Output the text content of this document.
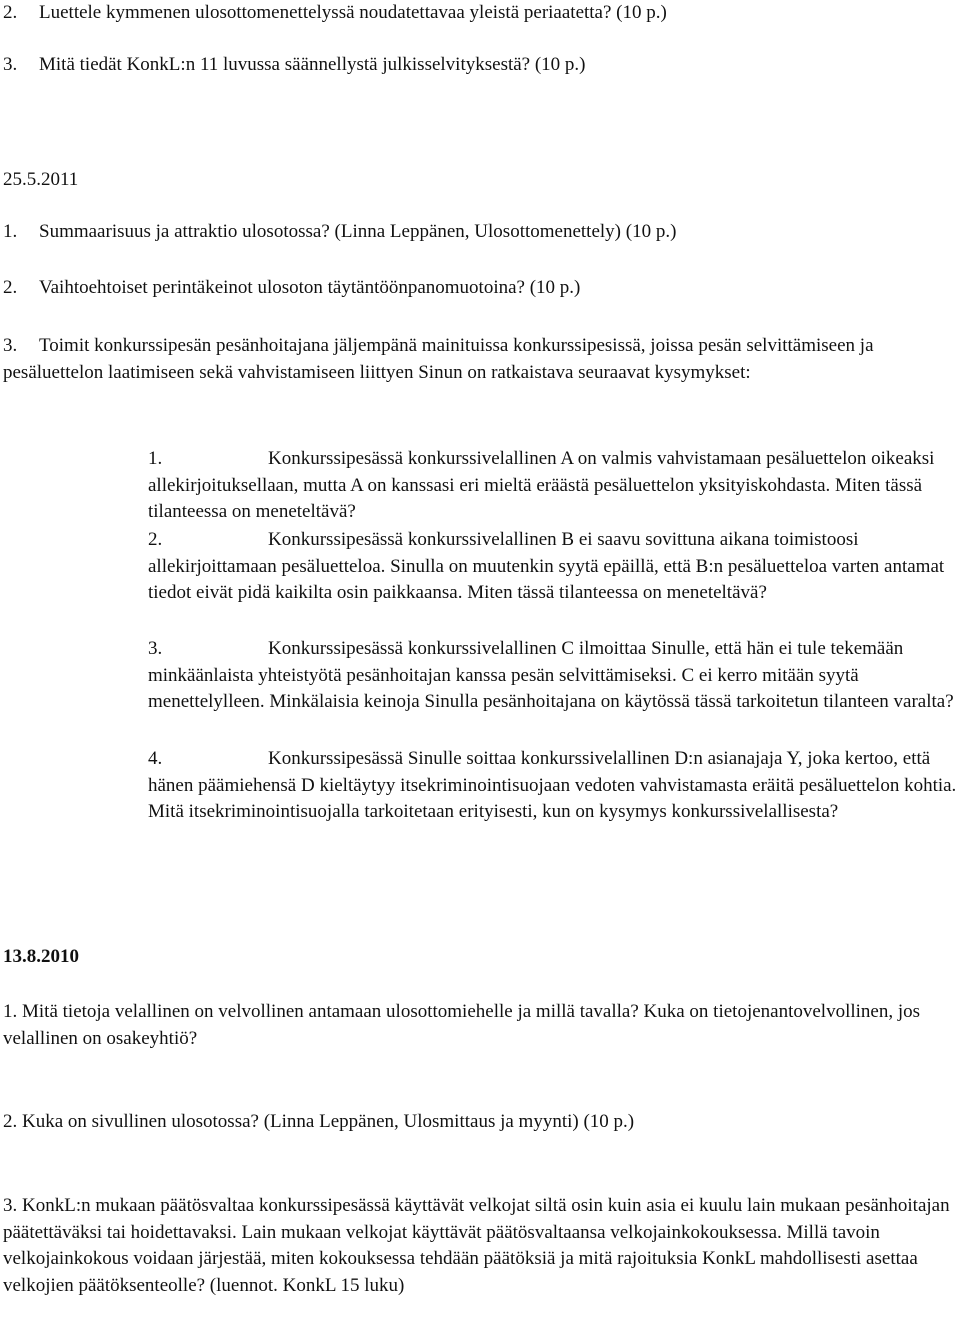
2. Luettele kymmenen ulosottomenettelyssä noudatettavaa yleistä periaatetta? (10 p.)
3. Mitä tiedät KonkL:n 11 luvussa säännellystä julkisselvityksestä? (10 p.)
25.5.2011
1. Summaarisuus ja attraktio ulosotossa? (Linna Leppänen, Ulosottomenettely) (10 p.)
2. Vaihtoehtoiset perintäkeinot ulosoton täytäntöönpanomuotoina? (10 p.)

3. Toimit konkurssipesän pesänhoitajana jäljempänä mainituissa konkurssipesissä, joissa pesän selvittämiseen ja pesäluettelon laatimiseen sekä vahvistamiseen liittyen Sinun on ratkaistava seuraavat kysymykset:

1.	Konkurssipesässä konkurssivelallinen A on valmis vahvistamaan pesäluettelon oikeaksi allekirjoituksellaan, mutta A on kanssasi eri mieltä eräästä pesäluettelon yksityiskohdasta. Miten tässä tilanteessa on meneteltävä?

2.	Konkurssipesässä konkurssivelallinen B ei saavu sovittuna aikana toimistoosi allekirjoittamaan pesäluetteloa. Sinulla on muutenkin syytä epäillä, että B:n pesäluetteloa varten antamat tiedot eivät pidä kaikilta osin paikkaansa. Miten tässä tilanteessa on meneteltävä?

3.	Konkurssipesässä konkurssivelallinen C ilmoittaa Sinulle, että hän ei tule tekemään minkäänlaista yhteistyötä pesänhoitajan kanssa pesän selvittämiseksi. C ei kerro mitään syytä menettelylleen. Minkälaisia keinoja Sinulla pesänhoitajana on käytössä tässä tarkoitetun tilanteen varalta?

4.	Konkurssipesässä Sinulle soittaa konkurssivelallinen D:n asianajaja Y, joka kertoo, että hänen päämiehensä D kieltäytyy itsekriminointisuojaan vedoten vahvistamasta eräitä pesäluettelon kohtia. Mitä itsekriminointisuojalla tarkoitetaan erityisesti, kun on kysymys konkurssivelallisesta?

13.8.2010

1. Mitä tietoja velallinen on velvollinen antamaan ulosottomiehelle ja millä tavalla? Kuka on tietojenantovelvollinen, jos velallinen on osakeyhtiö?

2. Kuka on sivullinen ulosotossa? (Linna Leppänen, Ulosmittaus ja myynti) (10 p.)

3. KonkL:n mukaan päätösvaltaa konkurssipesässä käyttävät velkojat siltä osin kuin asia ei kuulu lain mukaan pesänhoitajan päätettäväksi tai hoidettavaksi. Lain mukaan velkojat käyttävät päätösvaltaansa velkojainkokouksessa. Millä tavoin velkojainkokous voidaan järjestää, miten kokouksessa tehdään päätöksiä ja mitä rajoituksia KonkL mahdollisesti asettaa velkojien päätöksenteolle? (luennot. KonkL 15 luku)
